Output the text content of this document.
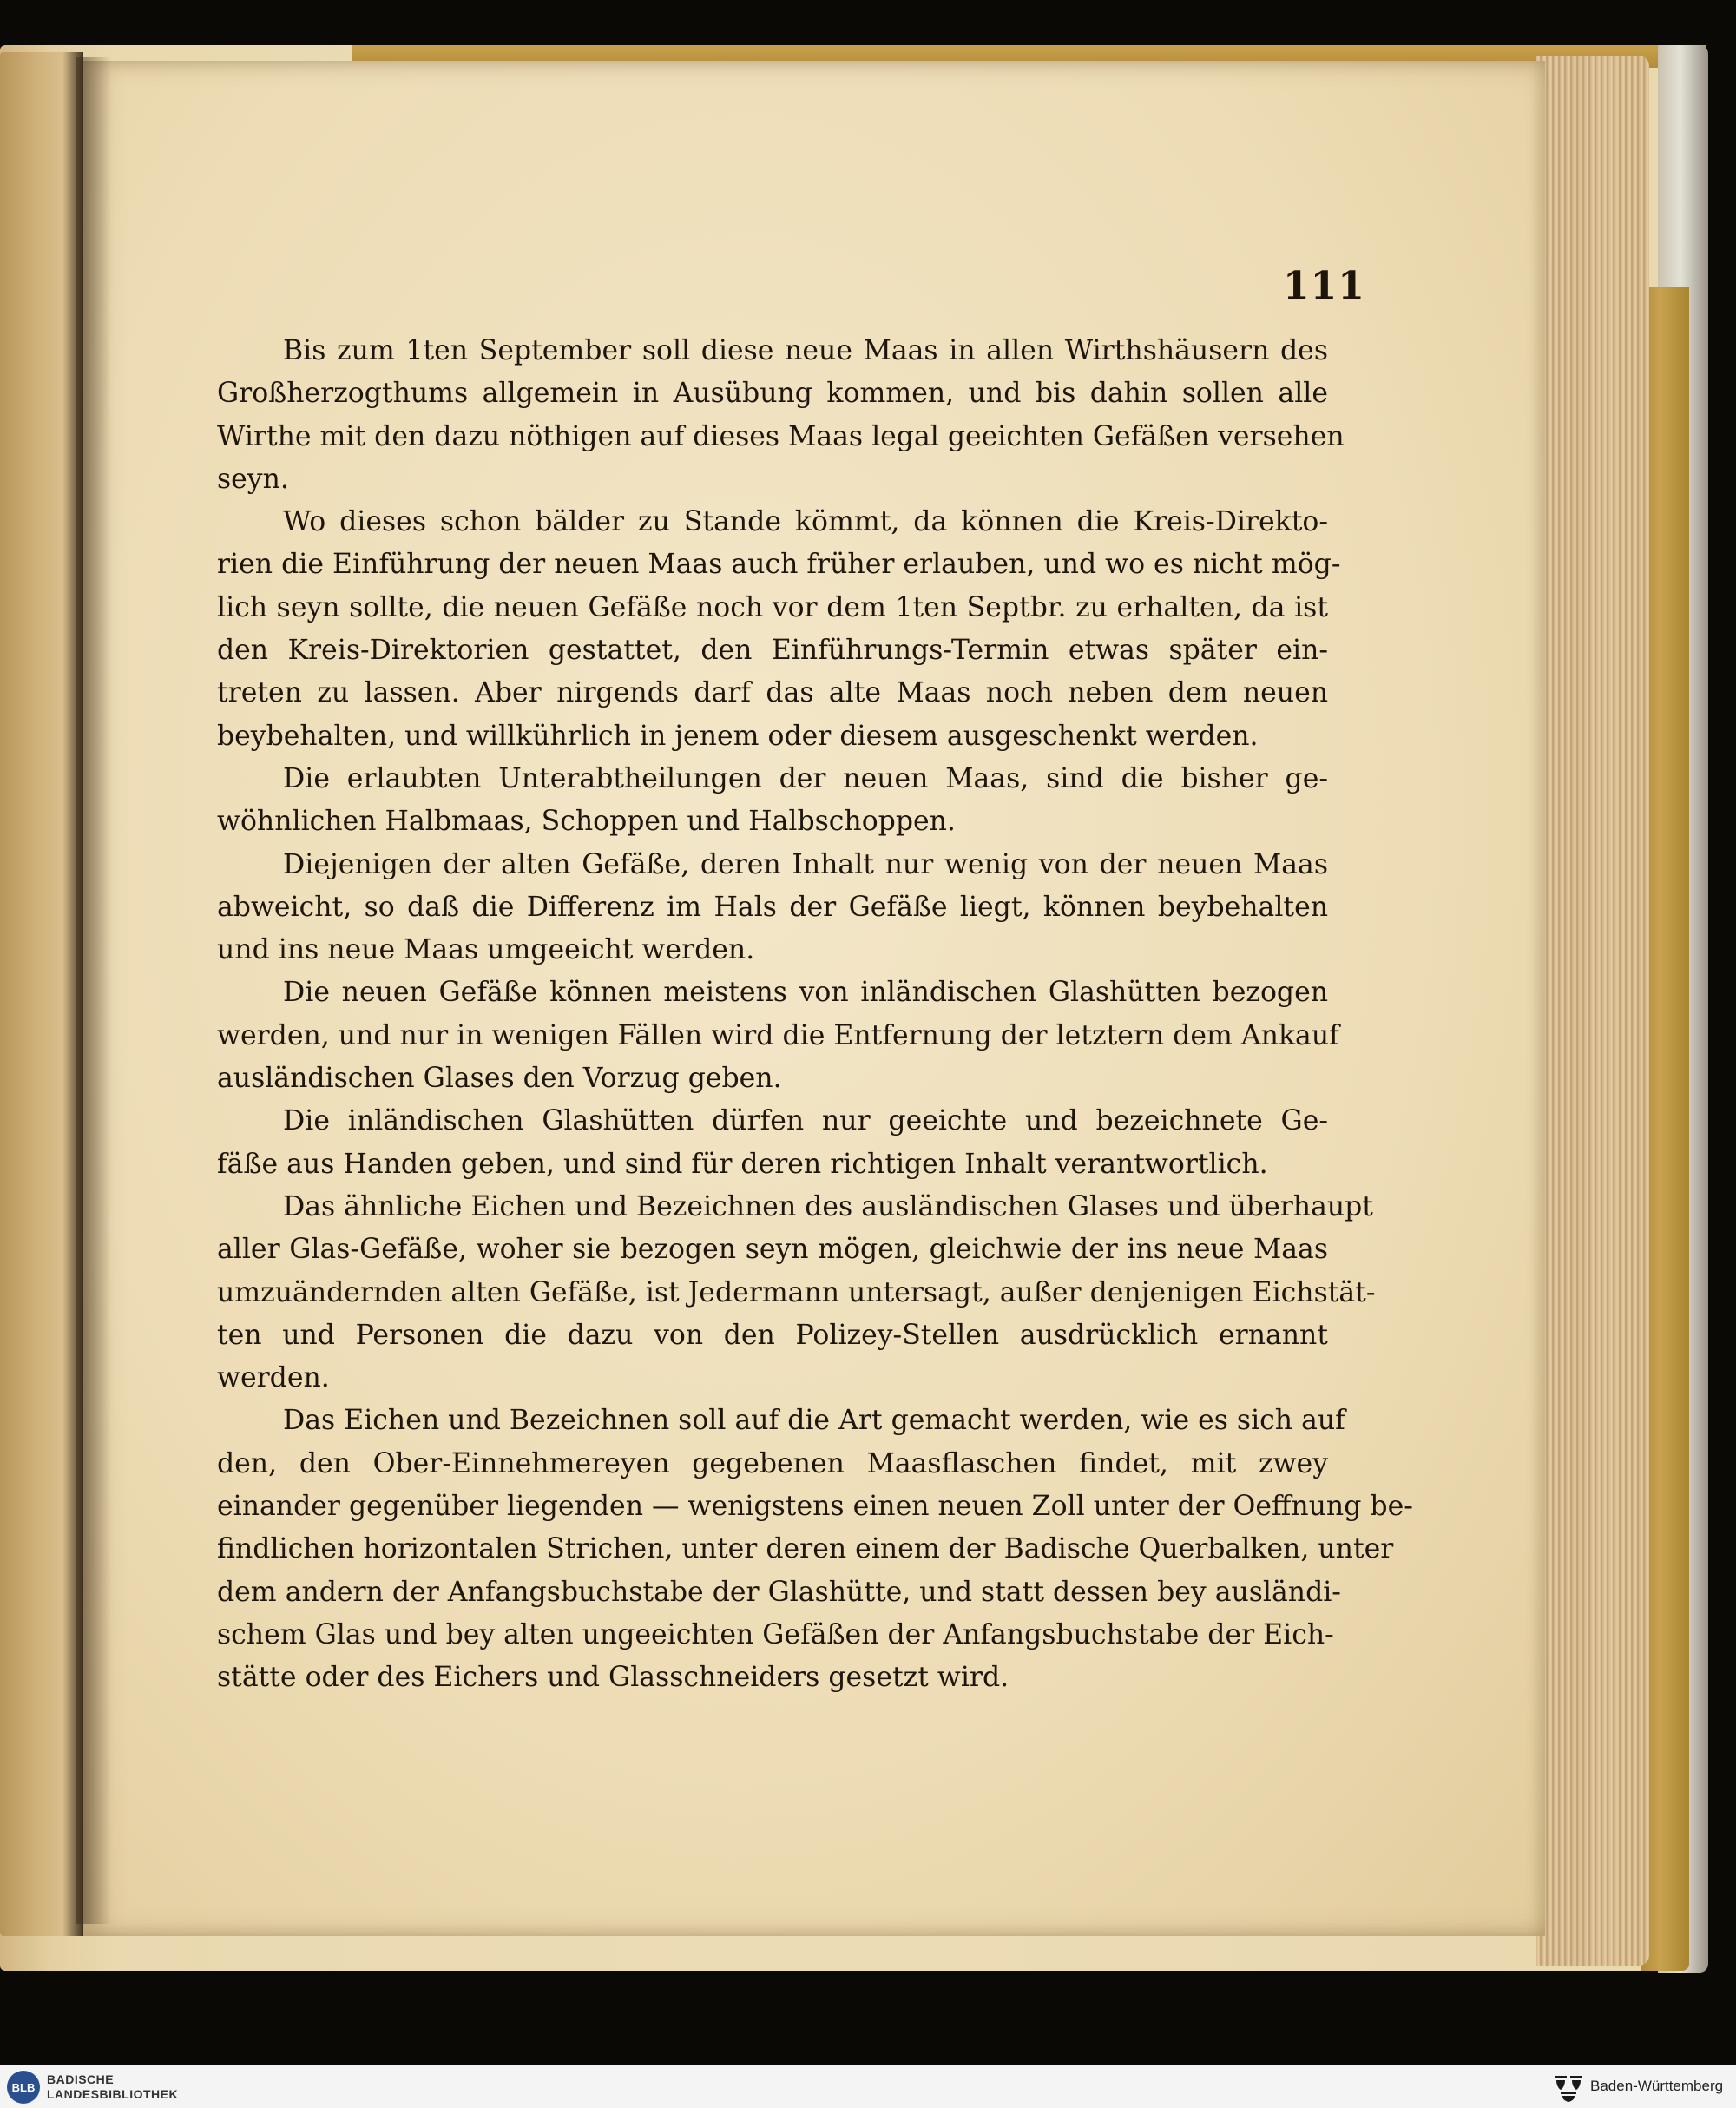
111

Bis zum 1ten September soll diese neue Maas in allen Wirthshäusern des
Großherzogthums allgemein in Ausübung kommen, und bis dahin sollen alle
Wirthe mit den dazu nöthigen auf dieses Maas legal geeichten Gefäßen versehen
seyn.

Wo dieses schon bälder zu Stande kömmt, da können die Kreis-Direkto-
rien die Einführung der neuen Maas auch früher erlauben, und wo es nicht mög-
lich seyn sollte, die neuen Gefäße noch vor dem 1ten Septbr. zu erhalten, da ist
den Kreis-Direktorien gestattet, den Einführungs-Termin etwas später ein-
treten zu lassen. Aber nirgends darf das alte Maas noch neben dem neuen
beybehalten, und willkührlich in jenem oder diesem ausgeschenkt werden.

Die erlaubten Unterabtheilungen der neuen Maas, sind die bisher ge-
wöhnlichen Halbmaas, Schoppen und Halbschoppen.

Diejenigen der alten Gefäße, deren Inhalt nur wenig von der neuen Maas
abweicht, so daß die Differenz im Hals der Gefäße liegt, können beybehalten
und ins neue Maas umgeeicht werden.

Die neuen Gefäße können meistens von inländischen Glashütten bezogen
werden, und nur in wenigen Fällen wird die Entfernung der letztern dem Ankauf
ausländischen Glases den Vorzug geben.

Die inländischen Glashütten dürfen nur geeichte und bezeichnete Ge-
fäße aus Handen geben, und sind für deren richtigen Inhalt verantwortlich.

Das ähnliche Eichen und Bezeichnen des ausländischen Glases und überhaupt
aller Glas-Gefäße, woher sie bezogen seyn mögen, gleichwie der ins neue Maas
umzuändernden alten Gefäße, ist Jedermann untersagt, außer denjenigen Eichstät-
ten und Personen die dazu von den Polizey-Stellen ausdrücklich ernannt
werden.

Das Eichen und Bezeichnen soll auf die Art gemacht werden, wie es sich auf
den, den Ober-Einnehmereyen gegebenen Maasflaschen findet, mit zwey
einander gegenüber liegenden — wenigstens einen neuen Zoll unter der Oeffnung be-
findlichen horizontalen Strichen, unter deren einem der Badische Querbalken, unter
dem andern der Anfangsbuchstabe der Glashütte, und statt dessen bey ausländi-
schem Glas und bey alten ungeeichten Gefäßen der Anfangsbuchstabe der Eich-
stätte oder des Eichers und Glasschneiders gesetzt wird.

BLB
BADISCHE
LANDESBIBLIOTHEK	Baden-Württemberg
